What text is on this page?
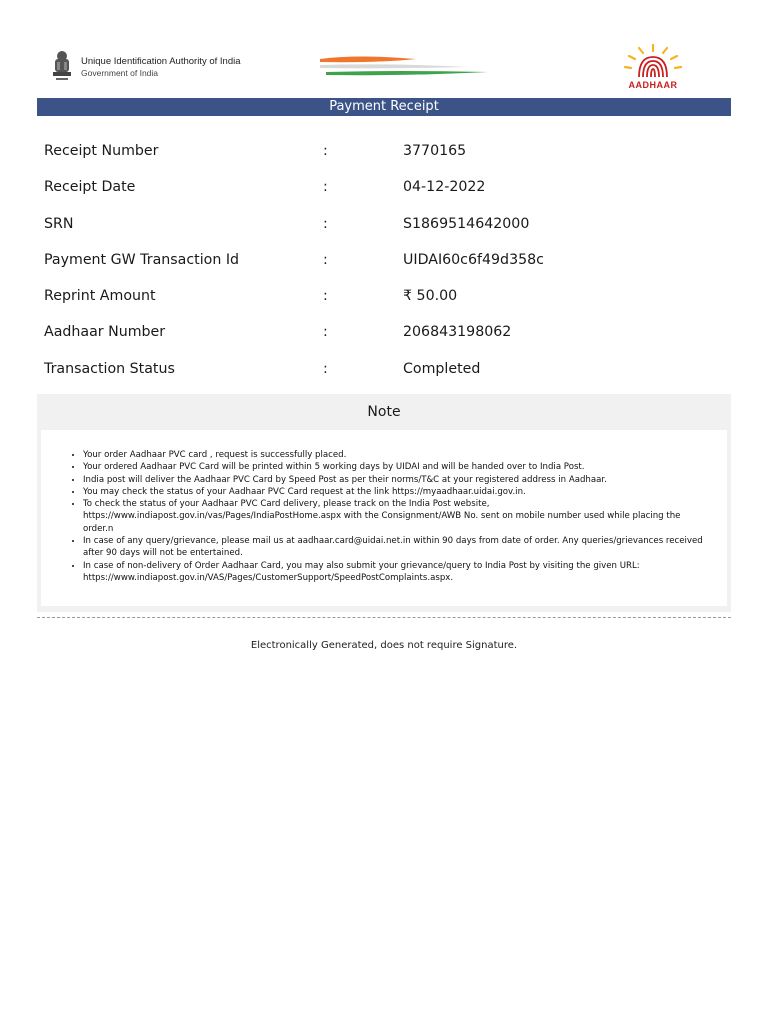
Unique Identification Authority of India
Government of India
AADHAAR
Payment Receipt
Receipt Number	:	3770165
Receipt Date	:	04-12-2022
SRN	:	S1869514642000
Payment GW Transaction Id	:	UIDAI60c6f49d358c
Reprint Amount	:	₹ 50.00
Aadhaar Number	:	206843198062
Transaction Status	:	Completed
Note
• Your order Aadhaar PVC card , request is successfully placed.
• Your ordered Aadhaar PVC Card will be printed within 5 working days by UIDAI and will be handed over to India Post.
• India post will deliver the Aadhaar PVC Card by Speed Post as per their norms/T&C at your registered address in Aadhaar.
• You may check the status of your Aadhaar PVC Card request at the link https://myaadhaar.uidai.gov.in.
• To check the status of your Aadhaar PVC Card delivery, please track on the India Post website, https://www.indiapost.gov.in/vas/Pages/IndiaPostHome.aspx with the Consignment/AWB No. sent on mobile number used while placing the order.n
• In case of any query/grievance, please mail us at aadhaar.card@uidai.net.in within 90 days from date of order. Any queries/grievances received after 90 days will not be entertained.
• In case of non-delivery of Order Aadhaar Card, you may also submit your grievance/query to India Post by visiting the given URL: https://www.indiapost.gov.in/VAS/Pages/CustomerSupport/SpeedPostComplaints.aspx.
Electronically Generated, does not require Signature.
